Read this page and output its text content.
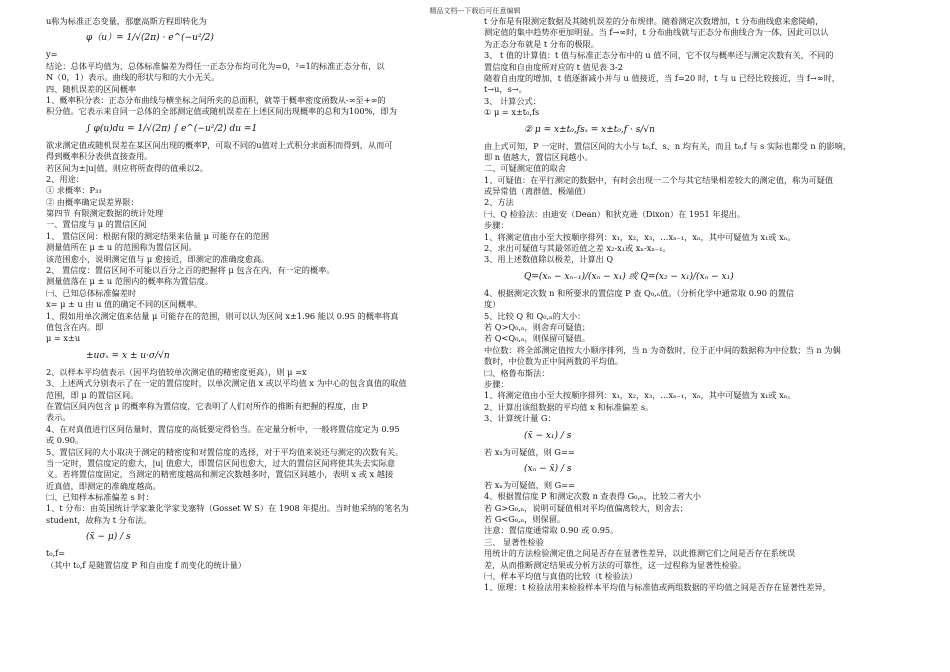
精品文档---下载后可任意编辑
u称为标准正态变量，那麽高斯方程即转化为
φ（u）= 1/√(2π) · e^(−u²/2)
y=
结论：总体平均值为、总体标准偏差为得任一正态分布均可化为=0，²=1的标准正态分布，以
N（0，1）表示。曲线的形状与和的大小无关。
四、随机误差的区间概率
1、概率积分表：正态分布曲线与横坐标之间所夹的总面积，就等于概率密度函数从-∞至+∞的
积分值。它表示来自同一总体的全部测定值或随机误差在上述区间出现概率的总和为100%，即为
∫ φ(u)du = 1/√(2π) ∫ e^(−u²/2) du =1
欲求测定值或随机误差在某区间出现的概率P，可取不同的u值对上式积分求面积而得到，从而可
得到概率积分表供直接查用。
若区间为±|u|值，则应将所查得的值乘以2。
2、用途：
① 求概率：P₃₃
② 由概率确定误差界限：
第四节 有限测定数据的统计处理
一、置信度与 μ 的置信区间
1、 置信区间：根据有限的测定结果来估量 μ 可能存在的范围
测量值所在 μ ± u 的范围称为置信区间。
该范围愈小，说明测定值与 μ 愈接近，即测定的准确度愈高。
2、 置信度：置信区间不可能以百分之百的把握将 μ 包含在内，有一定的概率。
测量值落在 μ ± u 范围内的概率称为置信度。
㈠、已知总体标准偏差时
x= μ ± u 由 u 值的确定不同的区间概率。
1、假如用单次测定值来估量 μ 可能存在的范围，则可以认为区间 x±1.96 能以 0.95 的概率将真
值包含在内。即
μ = x±u
±uσₓ = x ± u·σ/√n
2、以样本平均值表示（因平均值较单次测定值的精密度更高），则 μ =x
3、上述两式分别表示了在一定的置信度时，以单次测定值 x 或以平均值 x 为中心的包含真值的取值
范围，即 μ 的置信区间。
在置信区间内包含 μ 的概率称为置信度，它表明了人们对所作的推断有把握的程度，由 P
表示。
4、在对真值进行区间估量时，置信度的高低要定得恰当。在定量分析中，一般将置信度定为 0.95
或 0.90。
5、置信区间的大小取决于测定的精密度和对置信度的选择，对于平均值来说还与测定的次数有关。
当一定时，置信度定的愈大，|u| 值愈大，即置信区间也愈大，过大的置信区间将使其失去实际意
义。若将置信度固定，当测定的精密度越高和测定次数越多时，置信区间越小，表明 x 或 x 越接
近真值，即测定的准确度越高。
㈡、已知样本标准偏差 s 时：
1、t 分布：由英国统计学家兼化学家戈塞特（Gosset W S）在 1908 年提出。当时他采纳的笔名为
student，故称为 t 分布法。
(x̄ − μ) / s
t₀,f=
（其中 t₀,f 是随置信度 P 和自由度 f 而变化的统计量）
t 分布是有限测定数据及其随机误差的分布规律。随着测定次数增加，t 分布曲线愈来愈陡峭，
测定值的集中趋势亦更加明显。当 f→∞时，t 分布曲线就与正态分布曲线合为一体，因此可以认
为正态分布就是 t 分布的极限。
3、 t 值的计算值：t 值与标准正态分布中的 u 值不同，它不仅与概率还与测定次数有关，不同的
置信度和自由度所对应的 t 值见表 3-2
随着自由度的增加，t 值逐渐减小并与 u 值接近，当 f=20 时，t 与 u 已经比较接近，当 f→∞时，
t→u，s→。
3、 计算公式：
① μ = x±t₀,fs
② μ = x±t₀,fsₓ = x±t₀,f · s/√n
由上式可知，P 一定时，置信区间的大小与 t₀,f、s、n 均有关，而且 t₀,f 与 s 实际也都受 n 的影响，
即 n 值越大，置信区间越小。
二、可疑测定值的取舍
1、可疑值：在平行测定的数据中，有时会出现一二个与其它结果相差较大的测定值，称为可疑值
或异常值（离群值、极端值）
2、方法
㈠、Q 检验法：由迪安（Dean）和狄克逊（Dixon）在 1951 年提出。
步骤：
1、将测定值由小至大按顺序排列：x₁，x₂，x₃，…xₙ₋₁，xₙ，其中可疑值为 x₁或 xₙ。
2、求出可疑值与其最邻近值之差 x₂-x₁或 xₙ-xₙ₋₁。
3、用上述数值除以极差，计算出 Q
Q=(xₙ − xₙ₋₁)/(xₙ − x₁) 或 Q=(x₂ − x₁)/(xₙ − x₁)
4、根据测定次数 n 和所要求的置信度 P 查 Q₀,ₙ值。（分析化学中通常取 0.90 的置信
度）
5、比较 Q 和 Q₀,ₙ的大小：
若 Q>Q₀,ₙ，则舍弃可疑值；
若 Q<Q₀,ₙ，则保留可疑值。
中位数：将全部测定值按大小顺序排列，当 n 为奇数时，位于正中间的数据称为中位数；当 n 为偶
数时，中位数为正中间两数的平均值。
㈡、格鲁布斯法：
步骤：
1、将测定值由小至大按顺序排列：x₁，x₂，x₃，…xₙ₋₁，xₙ，其中可疑值为 x₁或 xₙ。
2、计算出该组数据的平均值 x 和标准偏差 s。
3、计算统计量 G：
(x̄ − x₁) / s
若 x₁为可疑值，则 G==
(xₙ − x̄) / s
若 xₙ为可疑值，则 G==
4、根据置信度 P 和测定次数 n 查表得 G₀,ₙ，比较二者大小
若 G>G₀,ₙ，说明可疑值相对平均值偏离较大，则舍去；
若 G<G₀,ₙ，则保留。
注意：置信度通常取 0.90 或 0.95。
三、 显著性检验
用统计的方法检验测定值之间是否存在显著性差异，以此推测它们之间是否存在系统误
差，从而推断测定结果或分析方法的可靠性，这一过程称为显著性检验。
㈠、样本平均值与真值的比较（t 检验法）
1、原理：t 检验法用来检验样本平均值与标准值或两组数据的平均值之间是否存在显著性差异，
